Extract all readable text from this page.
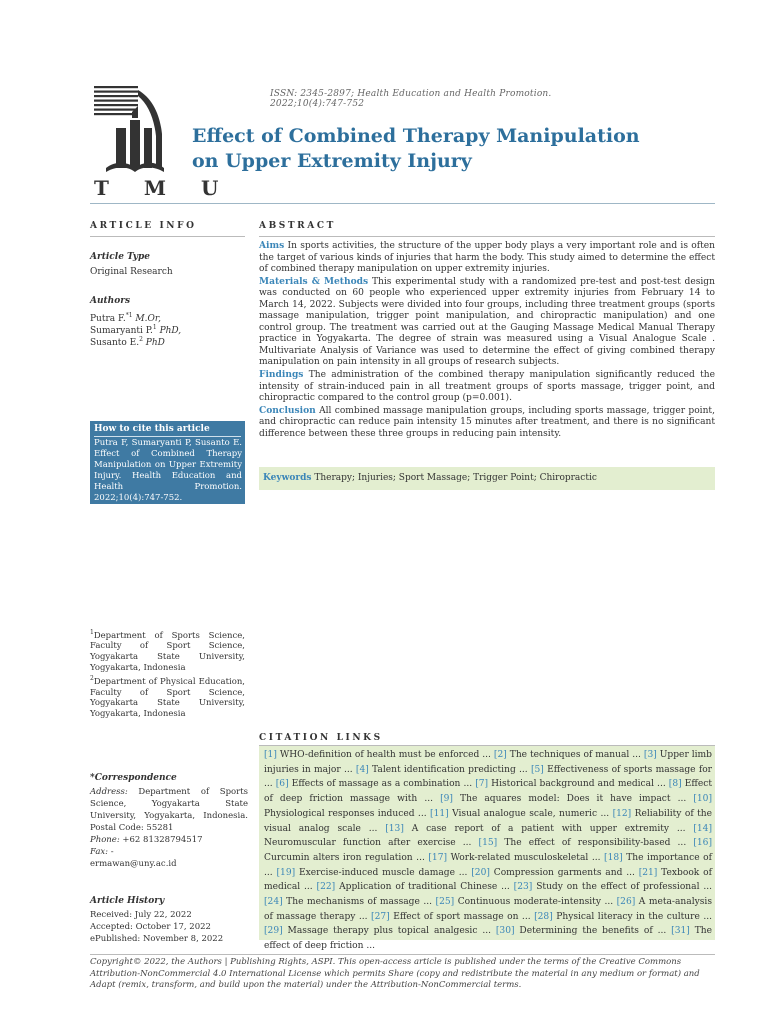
ISSN: 2345-2897; Health Education and Health Promotion. 2022;10(4):747-752
T M U
Effect of Combined Therapy Manipulation
on Upper Extremity Injury
ARTICLE INFO
Article Type
Original Research
Authors
Putra F.$^{*1}$ M.Or,
Sumaryanti P.$^1$ PhD,
Susanto E.$^2$ PhD
How to cite this article
Putra F, Sumaryanti P, Susanto E. Effect of Combined Therapy Manipulation on Upper Extremity Injury. Health Education and Health Promotion. 2022;10(4):747-752.

$^1$Department of Sports Science, Faculty of Sport Science, Yogyakarta State University, Yogyakarta, Indonesia

$^2$Department of Physical Education, Faculty of Sport Science, Yogyakarta State University, Yogyakarta, Indonesia

*Correspondence
Address: Department of Sports Science, Yogyakarta State University, Yogyakarta, Indonesia. Postal Code: 55281
Phone: +62 81328794517
Fax: -
ermawan@uny.ac.id
Article History
Received: July 22, 2022
Accepted: October 17, 2022
ePublished: November 8, 2022
ABSTRACT

Aims In sports activities, the structure of the upper body plays a very important role and is often the target of various kinds of injuries that harm the body. This study aimed to determine the effect of combined therapy manipulation on upper extremity injuries.

Materials & Methods This experimental study with a randomized pre-test and post-test design was conducted on 60 people who experienced upper extremity injuries from February 14 to March 14, 2022. Subjects were divided into four groups, including three treatment groups (sports massage manipulation, trigger point manipulation, and chiropractic manipulation) and one control group. The treatment was carried out at the Gauging Massage Medical Manual Therapy practice in Yogyakarta. The degree of strain was measured using a Visual Analogue Scale . Multivariate Analysis of Variance was used to determine the effect of giving combined therapy manipulation on pain intensity in all groups of research subjects.

Findings The administration of the combined therapy manipulation significantly reduced the intensity of strain-induced pain in all treatment groups of sports massage, trigger point, and chiropractic compared to the control group (p=0.001).

Conclusion All combined massage manipulation groups, including sports massage, trigger point, and chiropractic can reduce pain intensity 15 minutes after treatment, and there is no significant difference between these three groups in reducing pain intensity.

Keywords Therapy; Injuries; Sport Massage; Trigger Point; Chiropractic
CITATION LINKS
[1] WHO-definition of health must be enforced ... [2] The techniques of manual ... [3] Upper limb injuries in major ... [4] Talent identification predicting ... [5] Effectiveness of sports massage for ... [6] Effects of massage as a combination ... [7] Historical background and medical ... [8] Effect of deep friction massage with ... [9] The aquares model: Does it have impact ... [10] Physiological responses induced ... [11] Visual analogue scale, numeric ... [12] Reliability of the visual analog scale ... [13] A case report of a patient with upper extremity ... [14] Neuromuscular function after exercise ... [15] The effect of responsibility-based ... [16] Curcumin alters iron regulation ... [17] Work-related musculoskeletal ... [18] The importance of ... [19] Exercise-induced muscle damage ... [20] Compression garments and ... [21] Texbook of medical ... [22] Application of traditional Chinese ... [23] Study on the effect of professional ... [24] The mechanisms of massage ... [25] Continuous moderate-intensity ... [26] A meta-analysis of massage therapy ... [27] Effect of sport massage on ... [28] Physical literacy in the culture ... [29] Massage therapy plus topical analgesic ... [30] Determining the benefits of ... [31] The effect of deep friction ...
Copyright© 2022, the Authors | Publishing Rights, ASPI. This open-access article is published under the terms of the Creative Commons Attribution-NonCommercial 4.0 International License which permits Share (copy and redistribute the material in any medium or format) and Adapt (remix, transform, and build upon the material) under the Attribution-NonCommercial terms.
